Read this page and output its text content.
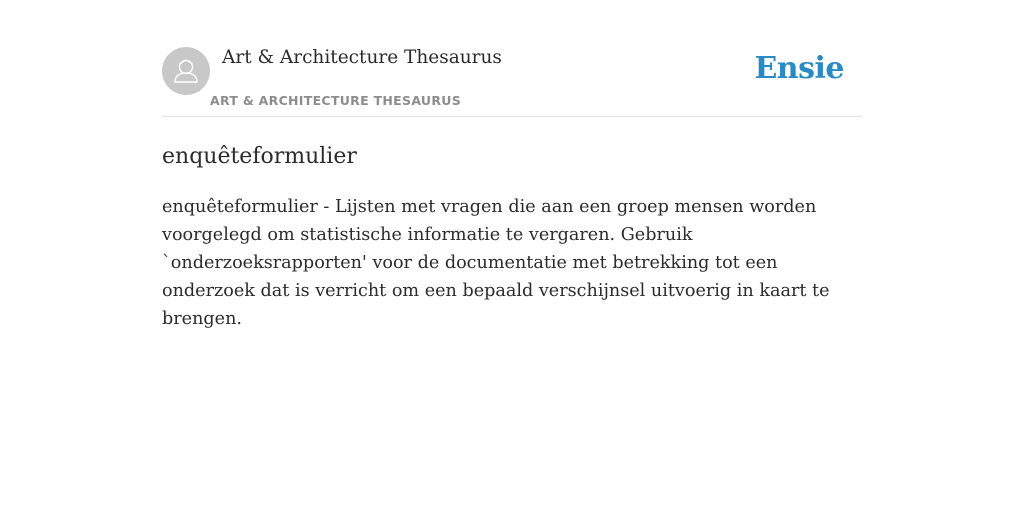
Art & Architecture Thesaurus
ART & ARCHITECTURE THESAURUS
Ensie
enquêteformulier

enquêteformulier - Lijsten met vragen die aan een groep mensen worden voorgelegd om statistische informatie te vergaren. Gebruik `onderzoeksrapporten' voor de documentatie met betrekking tot een onderzoek dat is verricht om een bepaald verschijnsel uitvoerig in kaart te brengen.
